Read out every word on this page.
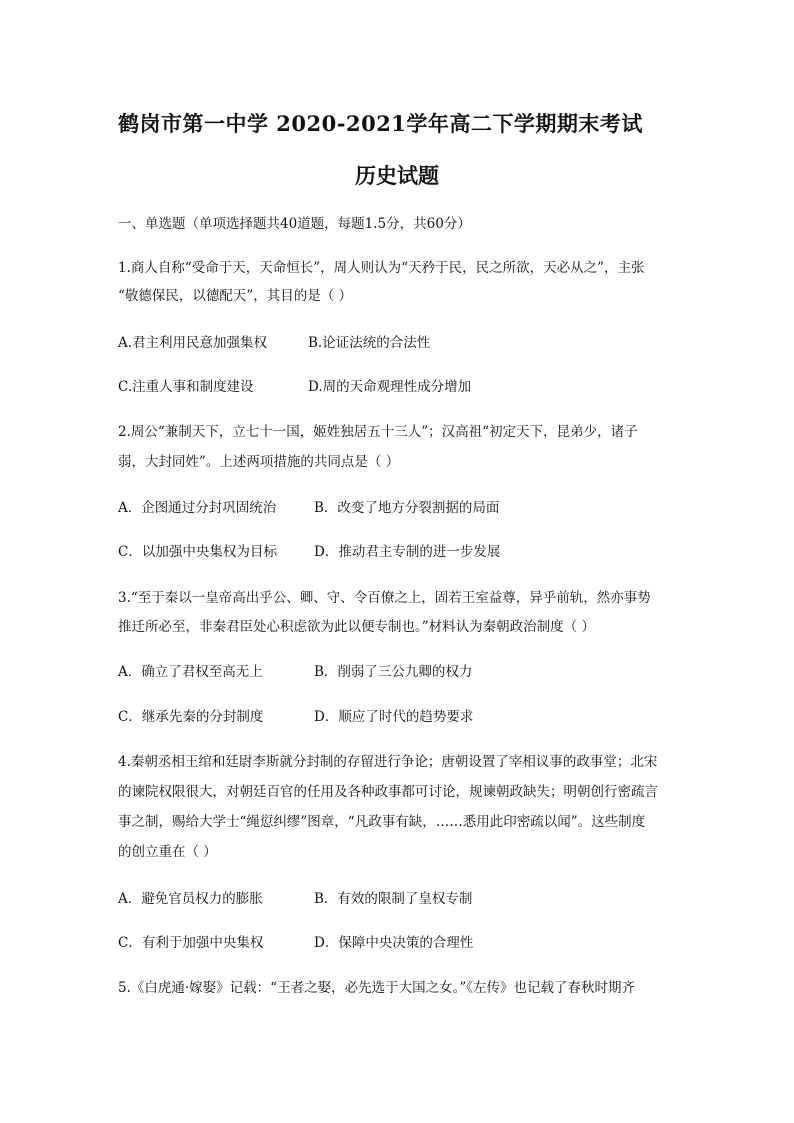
鹤岗市第一中学 2020-2021学年高二下学期期末考试
历史试题
一、单选题（单项选择题共40道题，每题1.5分，共60分）
1.商人自称“受命于天，天命恒长”，周人则认为“天矜于民，民之所欲，天必从之”，主张
“敬德保民，以德配天”，其目的是（ ）
A.君主利用民意加强集权	B.论证法统的合法性
C.注重人事和制度建设	D.周的天命观理性成分增加
2.周公“兼制天下，立七十一国，姬姓独居五十三人”；汉高祖“初定天下，昆弟少，诸子
弱，大封同姓”。上述两项措施的共同点是（ ）
A．企图通过分封巩固统治	B．改变了地方分裂割据的局面
C．以加强中央集权为目标	D．推动君主专制的进一步发展
3.“至于秦以一皇帝高出乎公、卿、守、令百僚之上，固若王室益尊，异乎前轨，然亦事势
推迁所必至，非秦君臣处心积虑欲为此以便专制也。”材料认为秦朝政治制度（ ）
A．确立了君权至高无上	B．削弱了三公九卿的权力
C．继承先秦的分封制度	D．顺应了时代的趋势要求
4.秦朝丞相王绾和廷尉李斯就分封制的存留进行争论；唐朝设置了宰相议事的政事堂；北宋
的谏院权限很大，对朝廷百官的任用及各种政事都可讨论，规谏朝政缺失；明朝创行密疏言
事之制，赐给大学士“绳愆纠缪”图章，“凡政事有缺，……悉用此印密疏以闻”。这些制度
的创立重在（ ）
A．避免官员权力的膨胀	B．有效的限制了皇权专制
C．有利于加强中央集权	D．保障中央决策的合理性
5.《白虎通·嫁娶》记载：“王者之娶，必先选于大国之女。”《左传》也记载了春秋时期齐
